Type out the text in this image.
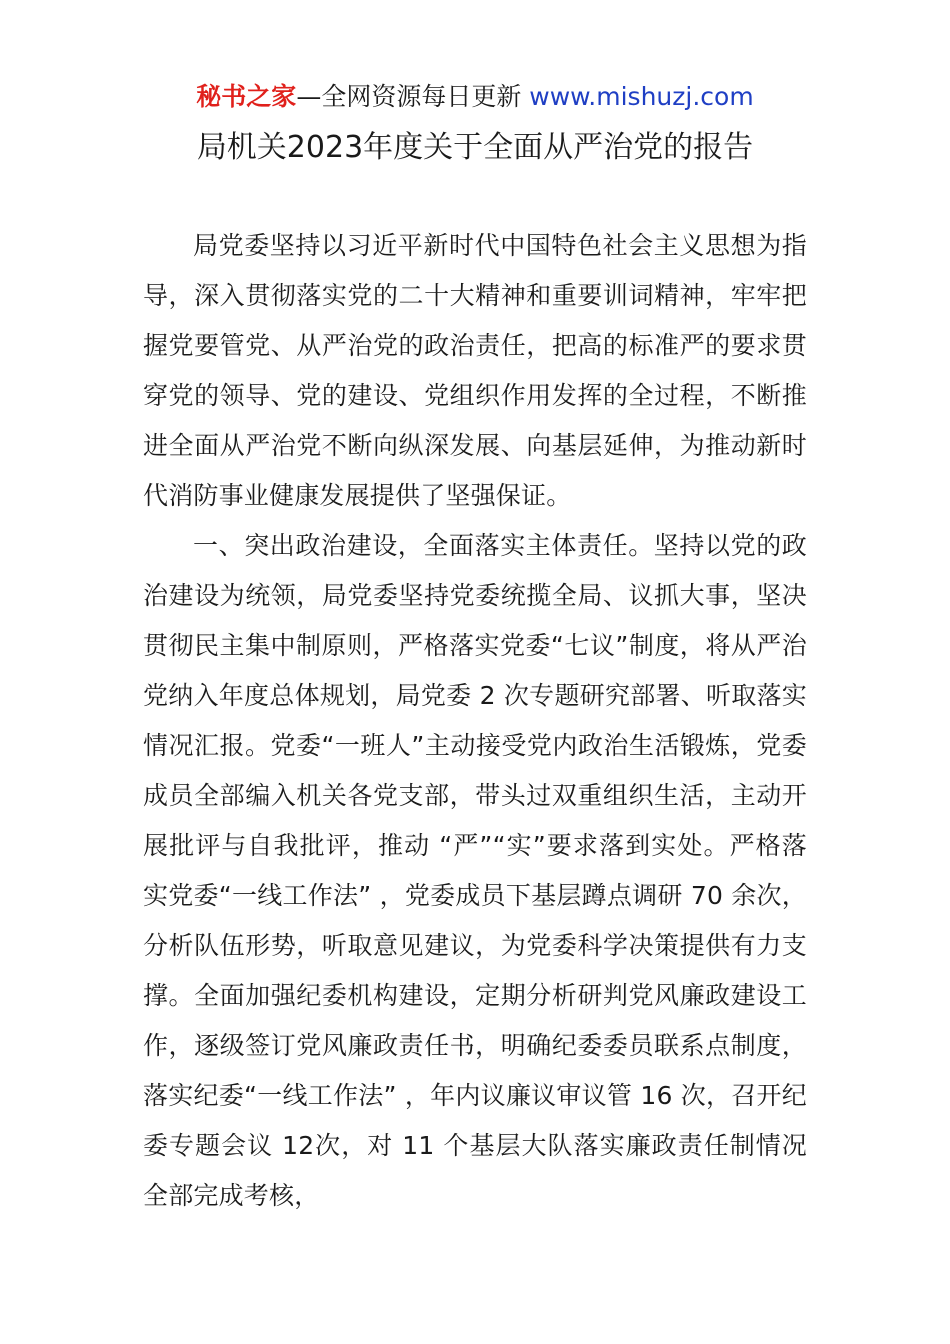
秘书之家—全网资源每日更新 www.mishuzj.com
局机关2023年度关于全面从严治党的报告

局党委坚持以习近平新时代中国特色社会主义思想为指导，深入贯彻落实党的二十大精神和重要训词精神，牢牢把握党要管党、从严治党的政治责任，把高的标准严的要求贯穿党的领导、党的建设、党组织作用发挥的全过程，不断推进全面从严治党不断向纵深发展、向基层延伸，为推动新时代消防事业健康发展提供了坚强保证。

一、突出政治建设，全面落实主体责任。坚持以党的政治建设为统领，局党委坚持党委统揽全局、议抓大事，坚决贯彻民主集中制原则，严格落实党委“七议”制度，将从严治党纳入年度总体规划，局党委 2 次专题研究部署、听取落实情况汇报。党委“一班人”主动接受党内政治生活锻炼，党委成员全部编入机关各党支部，带头过双重组织生活，主动开展批评与自我批评，推动 “严”“实”要求落到实处。严格落实党委“一线工作法” ，党委成员下基层蹲点调研 70 余次，分析队伍形势，听取意见建议，为党委科学决策提供有力支撑。全面加强纪委机构建设，定期分析研判党风廉政建设工作，逐级签订党风廉政责任书，明确纪委委员联系点制度，落实纪委“一线工作法” ，年内议廉议审议管 16 次，召开纪委专题会议 12次，对 11 个基层大队落实廉政责任制情况全部完成考核，
